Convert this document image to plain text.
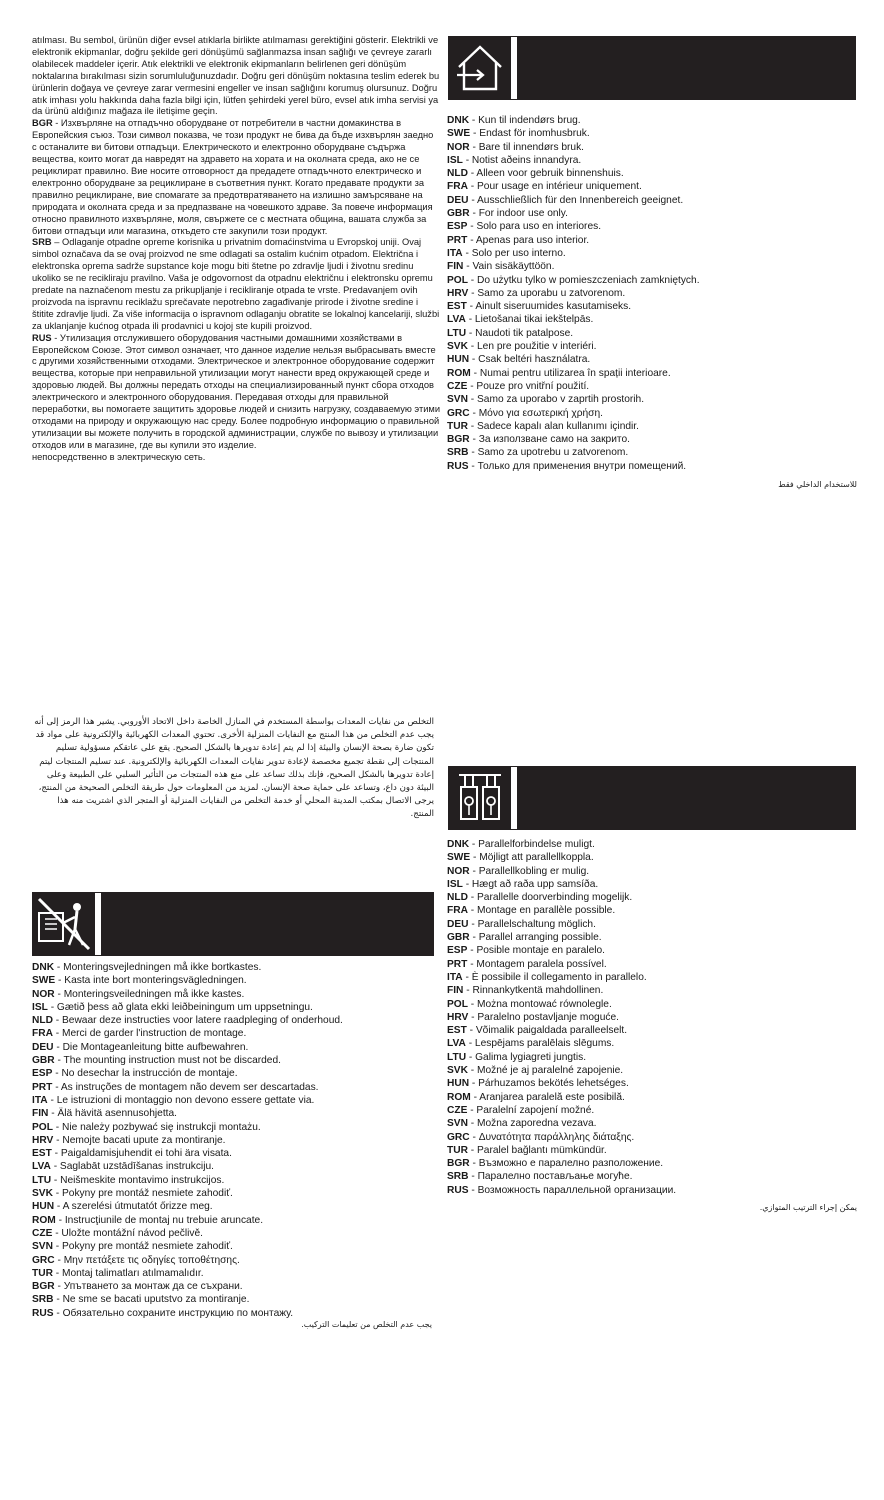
atılması. Bu sembol, ürünün diğer evsel atıklarla birlikte atılmaması gerektiğini gösterir. Elektrikli ve elektronik ekipmanlar, doğru şekilde geri dönüşümü sağlanmazsa insan sağlığı ve çevreye zararlı olabilecek maddeler içerir. Atık elektrikli ve elektronik ekipmanların belirlenen geri dönüşüm noktalarına bırakılması sizin sorumluluğunuzdadır. Doğru geri dönüşüm noktasına teslim ederek bu ürünlerin doğaya ve çevreye zarar vermesini engeller ve insan sağlığını korumuş olursunuz. Doğru atık imhası yolu hakkında daha fazla bilgi için, lütfen şehirdeki yerel büro, evsel atık imha servisi ya da ürünü aldığınız mağaza ile iletişime geçin.

BGR - Изхвърляне на отпадъчно оборудване от потребители в частни домакинства в Европейския съюз. Този символ показва, че този продукт не бива да бъде изхвърлян заедно с останалите ви битови отпадъци. Електрическото и електронно оборудване съдържа вещества, които могат да навредят на здравето на хората и на околната среда, ако не се рециклират правилно. Вие носите отговорност да предадете отпадъчното електрическо и електронно оборудване за рециклиране в съответния пункт. Когато предавате продукти за правилно рециклиране, вие спомагате за предотвратяването на излишно замърсяване на природата и околната среда и за предпазване на човешкото здраве. За повече информация относно правилното изхвърляне, моля, свържете се с местната община, вашата служба за битови отпадъци или магазина, откъдето сте закупили този продукт.

SRB – Odlaganje otpadne opreme korisnika u privatnim domaćinstvima u Evropskoj uniji. Ovaj simbol označava da se ovaj proizvod ne sme odlagati sa ostalim kućnim otpadom. Električna i elektronska oprema sadrže supstance koje mogu biti štetne po zdravlje ljudi i životnu sredinu ukoliko se ne recikliraju pravilno. Vaša je odgovornost da otpadnu električnu i elektronsku opremu predate na naznačenom mestu za prikupljanje i recikliranje otpada te vrste. Predavanjem ovih proizvoda na ispravnu reciklažu sprečavate nepotrebno zagađivanje prirode i životne sredine i štitite zdravlje ljudi. Za više informacija o ispravnom odlaganju obratite se lokalnoj kancelariji, službi za uklanjanje kućnog otpada ili prodavnici u kojoj ste kupili proizvod.

RUS - Утилизация отслужившего оборудования частными домашними хозяйствами в Европейском Союзе. Этот символ означает, что данное изделие нельзя выбрасывать вместе с другими хозяйственными отходами. Электрическое и электронное оборудование содержит вещества, которые при неправильной утилизации могут нанести вред окружающей среде и здоровью людей. Вы должны передать отходы на специализированный пункт сбора отходов электрического и электронного оборудования. Передавая отходы для правильной переработки, вы помогаете защитить здоровье людей и снизить нагрузку, создаваемую этими отходами на природу и окружающую нас среду. Более подробную информацию о правильной утилизации вы можете получить в городской администрации, службе по вывозу и утилизации отходов или в магазине, где вы купили это изделие.

непосредственно в электрическую сеть.

التخلص من نفايات المعدات بواسطة المستخدم في المنازل الخاصة داخل الاتحاد الأوروبي. يشير هذا الرمز إلى أنه يجب عدم التخلص من هذا المنتج مع النفايات المنزلية الأخرى. تحتوي المعدات الكهربائية والإلكترونية على مواد قد تكون ضارة بصحة الإنسان والبيئة إذا لم يتم إعادة تدويرها بالشكل الصحيح. يقع على عاتقكم مسؤولية تسليم المنتجات إلى نقطة تجميع مخصصة لإعادة تدوير نفايات المعدات الكهربائية والإلكترونية. عند تسليم المنتجات ليتم إعادة تدويرها بالشكل الصحيح، فإنك بذلك تساعد على منع هذه المنتجات من التأثير السلبي على الطبيعة وعلى البيئة دون داع، وتساعد على حماية صحة الإنسان. لمزيد من المعلومات حول طريقة التخلص الصحيحة من المنتج، يرجى الاتصال بمكتب المدينة المحلي أو خدمة التخلص من النفايات المنزلية أو المتجر الذي اشتريت منه هذا المنتج.

DNK - Kun til indendørs brug.
SWE - Endast för inomhusbruk.
NOR - Bare til innendørs bruk.
ISL - Notist aðeins innandyra.
NLD - Alleen voor gebruik binnenshuis.
FRA - Pour usage en intérieur uniquement.
DEU - Ausschließlich für den Innenbereich geeignet.
GBR - For indoor use only.
ESP - Solo para uso en interiores.
PRT - Apenas para uso interior.
ITA - Solo per uso interno.
FIN - Vain sisäkäyttöön.
POL - Do użytku tylko w pomieszczeniach zamkniętych.
HRV - Samo za uporabu u zatvorenom.
EST - Ainult siseruumides kasutamiseks.
LVA - Lietošanai tikai iekštelpās.
LTU - Naudoti tik patalpose.
SVK - Len pre použitie v interiéri.
HUN - Csak beltéri használatra.
ROM - Numai pentru utilizarea în spații interioare.
CZE - Pouze pro vnitřní použití.
SVN - Samo za uporabo v zaprtih prostorih.
GRC - Μόνο για εσωτερική χρήση.
TUR - Sadece kapalı alan kullanımı içindir.
BGR - За използване само на закрито.
SRB - Samo za upotrebu u zatvorenom.
RUS - Только для применения внутри помещений.

للاستخدام الداخلي فقط

DNK - Parallelforbindelse muligt.
SWE - Möjligt att parallellkoppla.
NOR - Parallellkobling er mulig.
ISL - Hægt að raða upp samsíða.
NLD - Parallelle doorverbinding mogelijk.
FRA - Montage en parallèle possible.
DEU - Parallelschaltung möglich.
GBR - Parallel arranging possible.
ESP - Posible montaje en paralelo.
PRT - Montagem paralela possível.
ITA - È possibile il collegamento in parallelo.
FIN - Rinnankytkentä mahdollinen.
POL - Można montować równolegle.
HRV - Paralelno postavljanje moguće.
EST - Võimalik paigaldada paralleelselt.
LVA - Lespējams paralēlais slēgums.
LTU - Galima lygiagreti jungtis.
SVK - Možné je aj paralelné zapojenie.
HUN - Párhuzamos bekötés lehetséges.
ROM - Aranjarea paralelă este posibilă.
CZE - Paralelní zapojení možné.
SVN - Možna zaporedna vezava.
GRC - Δυνατότητα παράλληλης διάταξης.
TUR - Paralel bağlantı mümkündür.
BGR - Възможно е паралелно разположение.
SRB - Паралелно постављање могуће.
RUS - Возможность параллельной организации.

يمكن إجراء الترتيب المتوازي.

DNK - Monteringsvejledningen må ikke bortkastes.
SWE - Kasta inte bort monteringsvägledningen.
NOR - Monteringsveiledningen må ikke kastes.
ISL - Gætið þess að glata ekki leiðbeiningum um uppsetningu.
NLD - Bewaar deze instructies voor latere raadpleging of onderhoud.
FRA - Merci de garder l'instruction de montage.
DEU - Die Montageanleitung bitte aufbewahren.
GBR - The mounting instruction must not be discarded.
ESP - No desechar la instrucción de montaje.
PRT - As instruções de montagem não devem ser descartadas.
ITA - Le istruzioni di montaggio non devono essere gettate via.
FIN - Älä hävitä asennusohjetta.
POL - Nie należy pozbywać się instrukcji montażu.
HRV - Nemojte bacati upute za montiranje.
EST - Paigaldamisjuhendit ei tohi ära visata.
LVA - Saglabāt uzstādīšanas instrukciju.
LTU - Neišmeskite montavimo instrukcijos.
SVK - Pokyny pre montáž nesmiete zahodiť.
HUN - A szerelési útmutatót őrizze meg.
ROM - Instrucţiunile de montaj nu trebuie aruncate.
CZE - Uložte montážní návod pečlivě.
SVN - Pokyny pre montáž nesmiete zahodiť.
GRC - Μην πετάξετε τις οδηγίες τοποθέτησης.
TUR - Montaj talimatları atılmamalıdır.
BGR - Упътването за монтаж да се съхрани.
SRB - Ne sme se bacati uputstvo za montiranje.
RUS - Обязательно сохраните инструкцию по монтажу.

يجب عدم التخلص من تعليمات التركيب.
